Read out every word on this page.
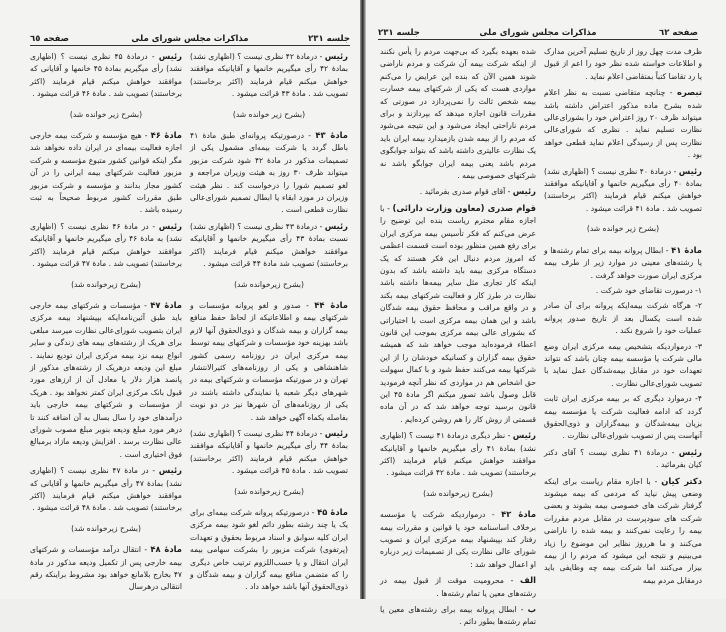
جلسه ۲۳۱
مذاکرات مجلس شورای ملی
صفحه ٦٥
رئیس - درمادهٔ ۴۲ نظری نیست ؟ (اظهاری نشد) بمادهٔ ۴۲ رأی میگیریم خانمها و آقایانیکه موافقند خواهش میکنم قیام فرمایند (اکثر برخاستند) تصویب شد . مادهٔ ۴۳ قرائت میشود .
(بشرح زیر خوانده شد)
مادهٔ ۴۳ - درصورتیکه پروانه‌ای طبق مادهٔ ۴۱ باطل گردد یا شرکت بیمه‌ای مشمول یکی از تصمیمات مذکور در مادهٔ ۴۲ شود شرکت مزبور میتواند ظرف ۳۰ روز به هیئت وزیران مراجعه و لغو تصمیم شورا را درخواست کند . نظر هیئت وزیران در مورد ابقاء یا ابطال تصمیم شورای‌عالی نظارت قطعی است .
رئیس - درمادهٔ ۴۳ نظری نیست ؟ (اظهاری نشد) نسبت بمادهٔ ۴۳ رأی میگیریم خانمها و آقایانیکه موافقند خواهش میکنم قیام فرمایند (اکثر برخاستند) تصویب شد مادهٔ ۴۴ قرائت میشود .
(بشرح زیرخوانده شد)
مادهٔ ۴۴ - صدور و لغو پروانه مؤسسات و شرکتهای بیمه و اطلاعاتیکه از لحاظ حفظ منافع بیمه گزاران و بیمه شدگان و ذوی‌الحقوق آنها لازم باشد بهزینه خود مؤسسات و شرکتهای بیمه توسط بیمه مرکزی ایران در روزنامه رسمی کشور شاهنشاهی و یکی از روزنامه‌های کثیرالانتشار تهران و در صورتیکه مؤسسات و شرکتهای بیمه در شهرهای دیگر شعبه یا نمایندگی داشته باشند در یکی از روزنامه‌های آن شهرها نیز در دو نوبت بفاصله یکماه آگهی خواهد شد .
رئیس - درمادهٔ ۴۴ نظری نیست ؟ (اظهاری نشد) بمادهٔ ۴۴ رأی میگیریم خانمها و آقایانیکه موافقند خواهش میکنم قیام فرمایند (اکثر برخاستند) تصویب شد . مادهٔ ۴۵ قرائت میشود .
(بشرح زیرخوانده شد)
مادهٔ ۴۵ - درصورتیکه پروانه شرکت بیمه‌ای برای یک یا چند رشته بطور دائم لغو شود بیمه مرکزی ایران کلیه سوابق و اسناد مربوط بحقوق و تعهدات (پرتفوی) شرکت مزبور را بشرکت سهامی بیمه ایران انتقال و یا حسب‌اللزوم ترتیب خاص دیگری را که متضمن منافع بیمه گزاران و بیمه شدگان و ذوی‌الحقوق آنها باشد خواهد داد .
رئیس - درمادهٔ ۴۵ نظری نیست ؟ (اظهاری نشد) رأی میگیریم بمادهٔ ۴۵ خانمها و آقایانی که موافقند خواهش میکنم قیام فرمایند (اکثر برخاستند) تصویب شد . مادهٔ ۴۶ قرائت میشود .
(بشرح زیر خوانده شد)
مادهٔ ۴۶ - هیچ مؤسسه و شرکت بیمه خارجی اجازه فعالیت بیمه‌ای در ایران داده نخواهد شد مگر اینکه قوانین کشور متبوع مؤسسه و شرکت مزبور فعالیت شرکتهای بیمه ایرانی را در آن کشور مجاز بدانند و مؤسسه و شرکت مزبور طبق مقررات کشور مربوط صحیحاً به ثبت رسیده باشد .
رئیس - در مادهٔ ۴۶ نظری نیست ؟ (اظهاری نشد) به مادهٔ ۴۶ رأی میگیریم خانمها و آقایانیکه موافقند خواهش میکنم قیام فرمایند (اکثر برخاستند) تصویب شد . مادهٔ ۴۷ قرائت میشود .
(بشرح زیرخوانده شد)
مادهٔ ۴۷ - مؤسسات و شرکتهای بیمه خارجی باید طبق آئین‌نامه‌ایکه بپیشنهاد بیمه مرکزی ایران بتصویب شورای‌عالی نظارت میرسد مبلغی برای هریک از رشته‌های بیمه های زندگی و سایر انواع بیمه نزد بیمه مرکزی ایران تودیع نمایند . مبلغ این ودیعه درهریک از رشته‌های مذکور از پانصد هزار دلار یا معادل آن از ارزهای مورد قبول بانک مرکزی ایران کمتر نخواهد بود . هریک از مؤسسات و شرکتهای بیمه خارجی باید درآمدهای خود را سال بسال به آن اضافه کنند تا درهر مورد مبلغ ودیعه بنوبر مبلغ مصوب شورای عالی نظارت برسد . افزایش ودیعه مازاد برمبالغ فوق اختیاری است .
رئیس - در مادهٔ ۴۷ نظری نیست ؟ (اظهاری نشد) بمادهٔ ۴۷ رأی میگیریم خانمها و آقایانی که موافقند خواهش میکنم قیام فرمایند (اکثر برخاستند) تصویب شد . مادهٔ ۴۸ قرائت میشود .
(بشرح زیرخوانده شد)
مادهٔ ۴۸ - انتقال درآمد مؤسسات و شرکتهای بیمه خارجی پس از تکمیل ودیعه مذکور در مادهٔ ۴۷ بخارج بلامانع خواهد بود مشروط براینکه رقم انتقالی درهرسال
صفحه ٦٢
مذاکرات مجلس شورای ملی
جلسه ۲۳۱
ظرف مدت چهل روز از تاریخ تسلیم آخرین مدارک و اطلاعات خواسته شده نظر خود را اعم از قبول یا رد تقاضا کتباً بمتقاضی اعلام نماید .
تبصره - چنانچه متقاضی نسبت به نظر اعلام شده بشرح ماده مذکور اعتراض داشته باشد میتواند ظرف ۲۰ روز اعتراض خود را بشورای‌عالی نظارت تسلیم نماید . نظری که شورای‌عالی نظارت پس از رسیدگی اعلام نماید قطعی خواهد بود .
رئیس - درمادهٔ ۴۰ نظری نیست ؟ (اظهاری نشد) بمادهٔ ۴۰ رأی میگیریم خانمها و آقایانیکه موافقند خواهش میکنم قیام فرمایند (اکثر برخاستند) تصویب شد . مادهٔ ۴۱ قرائت میشود .
(بشرح زیر خوانده شد)
مادهٔ ۴۱ - ابطال پروانه بیمه برای تمام رشته‌ها و یا رشته‌های معینی در موارد زیر از طرف بیمه مرکزی ایران صورت خواهد گرفت .
۱- درصورت تقاضای خود شرکت .
۲- هرگاه شرکت بیمه‌ایکه پروانه برای آن صادر شده است یکسال بعد از تاریخ صدور پروانه عملیات خود را شروع نکند .
۳- درمواردیکه بتشخیص بیمه مرکزی ایران وضع مالی شرکت یا مؤسسه بیمه چنان باشد که نتواند تعهدات خود در مقابل بیمه‌شدگان عمل نماید با تصویب شورای‌عالی نظارت .
۴- درموارد دیگری که بر بیمه مرکزی ایران ثابت گردد که ادامه فعالیت شرکت یا مؤسسه بیمه بزیان بیمه‌شدگان و بیمه‌گزاران و ذوی‌الحقوق آنهاست پس از تصویب شورای‌عالی نظارت .
رئیس - درمادهٔ ۴۱ نظری نیست ؟ آقای دکتر کیان بفرمائید .
دکتر کیان - با اجازه مقام ریاست برای اینکه وضعی پیش نیاید که مردمی که بیمه میشوند گرفتار شرکت های خصوصی بیمه بشوند و بعضی شرکت های سودپرست در مقابل مردم مقررات بیمه را رعایت نمی‌کنند و بیمه شده را ناراضی می‌کنند و ما هرروز نظایر این موضوع را زیاد می‌بینیم و نتیجه این میشود که مردم را از بیمه بیزار می‌کنند اما شرکت بیمه چه وظایفی باید درمقابل مردم بیمه
شده بعهده بگیرد که بی‌جهت مردم را یأس نکنند از اینکه شرکت بیمه آن شرکت و مردم ناراضی شوند همین الآن که بنده این عرایض را می‌کنم مواردی هست که یکی از شرکتهای بیمه خسارت بیمه شخص ثالث را نمی‌پردازد در صورتی که مقررات قانون اجازه میدهد که بپردازند و برای مردم ناراحتی ایجاد می‌شود و این نتیجه می‌شود که مردم را از بیمه شدن بازمیدارد بیمه ایران باید یک نظارت عالیتری داشته باشد که بتواند جوابگوی مردم باشد یعنی بیمه ایران جوابگو باشد نه شرکتهای خصوصی بیمه .
رئیس - آقای قوام صدری بفرمائید .
قوام صدری (معاون وزارت دارائی) - با اجازه مقام محترم ریاست بنده این توضیح را عرض می‌کنم که فکر تأسیس بیمه مرکزی ایران برای رفع همین منظور بوده است قسمت اعظمی که امروز مردم دنبال این فکر هستند که یک دستگاه مرکزی بیمه باید داشته باشد که بدون اینکه کار تجاری مثل سایر بیمه‌ها داشته باشد نظارت در طرز کار و فعالیت شرکتهای بیمه بکند و در واقع مراقب و محافظ حقوق بیمه شدگان باشد و این همان بیمه مرکزی است با اختیاراتی که بشورای عالی بیمه مرکزی بموجب این قانون اعطاء فرموده‌اید موجب خواهد شد که همیشه حقوق بیمه گزاران و کسانیکه خودشان را از این شرکتها بیمه می‌کنند حفظ شود و با کمال سهولت حق اشخاص هم در مواردی که نظر آنچه فرمودید قابل وصول باشد تصور میکنم اگر مادهٔ ۴۵ این قانون برسید توجه خواهد شد که در آن ماده قسمتی از روش کار را هم روشن کرده‌ایم .
رئیس - نظر دیگری درمادهٔ ۴۱ نیست ؟ (اظهاری نشد) بمادهٔ ۴۱ رأی میگیریم خانمها و آقایانیکه موافقند خواهش میکنم قیام فرمایند (اکثر برخاستند) تصویب شد . مادهٔ ۴۲ قرائت میشود .
(بشرح زیرخوانده شد)
مادهٔ ۴۲ - درمواردیکه شرکت یا مؤسسه برخلاف اساسنامه خود یا قوانین و مقررات بیمه رفتار کند بپیشنهاد بیمه مرکزی ایران و تصویب شورای عالی نظارت یکی از تصمیمات زیر درباره او اعمال خواهد شد :
الف - محرومیت موقت از قبول بیمه در رشته‌های معین یا تمام رشته‌ها .
ب - ابطال پروانه بیمه برای رشته‌های معین یا تمام رشته‌ها بطور دائم .
